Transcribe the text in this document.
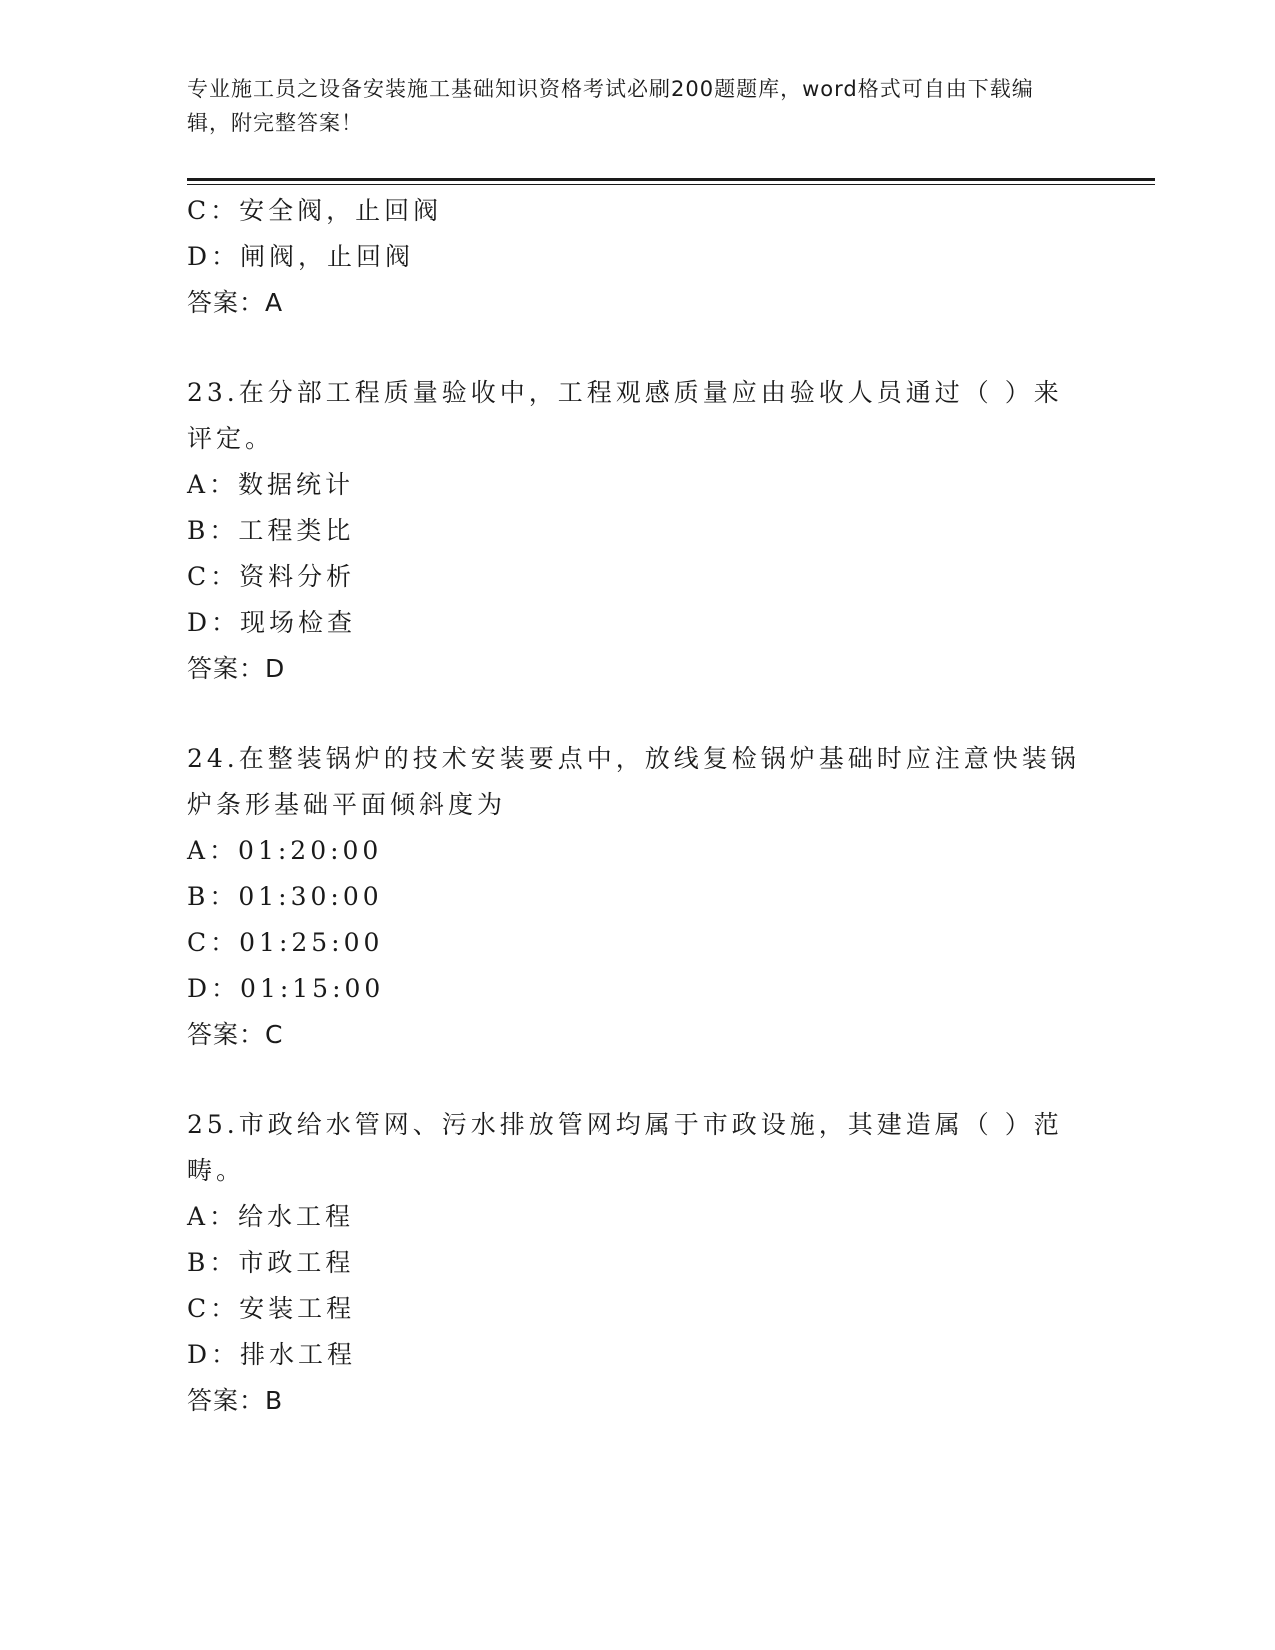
专业施工员之设备安装施工基础知识资格考试必刷200题题库，word格式可自由下载编辑，附完整答案！

C：安全阀，止回阀
D：闸阀，止回阀
答案：A

23.在分部工程质量验收中，工程观感质量应由验收人员通过（ ）来评定。

A：数据统计
B：工程类比
C：资料分析
D：现场检查
答案：D

24.在整装锅炉的技术安装要点中，放线复检锅炉基础时应注意快装锅炉条形基础平面倾斜度为

A：01:20:00
B：01:30:00
C：01:25:00
D：01:15:00
答案：C

25.市政给水管网、污水排放管网均属于市政设施，其建造属（ ）范畴。

A：给水工程
B：市政工程
C：安装工程
D：排水工程
答案：B
